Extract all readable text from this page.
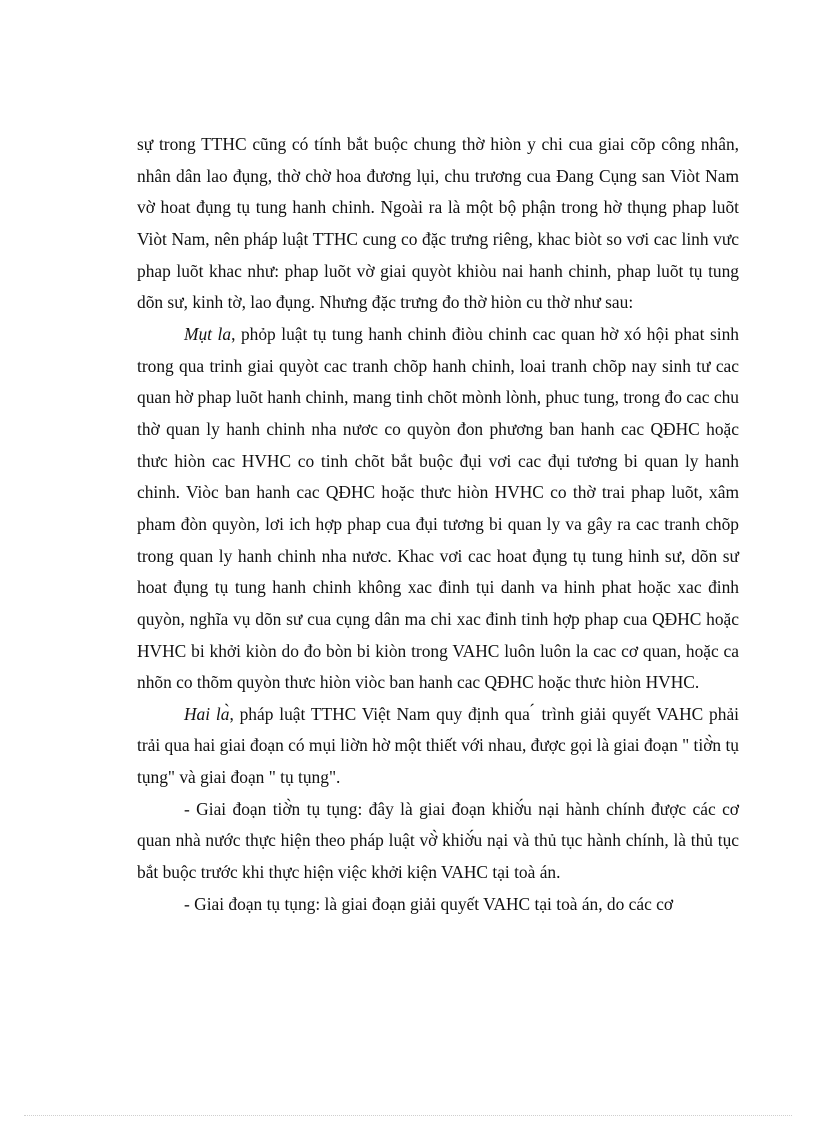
sự trong TTHC cũng có tính bắt buộc chung thờ hiòn y chi cua giai cõp công nhân, nhân dân lao đụng, thờ chờ hoa đương lụi, chu trương cua Đang Cụng san Viòt Nam vờ hoat đụng tụ tung hanh chinh. Ngoài ra là một bộ phận trong hờ thụng phap luõt Viòt Nam, nên pháp luật TTHC cung co đặc trưng riêng, khac biòt so vơi cac linh vưc phap luõt khac như: phap luõt vờ giai quyòt khiòu nai hanh chinh, phap luõt tụ tung dõn sư, kinh tờ, lao đụng. Nhưng đặc trưng đo thờ hiòn cu thờ như sau:

Mụt la, phỏp luật tụ tung hanh chinh điòu chinh cac quan hờ xó hội phat sinh trong qua trinh giai quyòt cac tranh chõp hanh chinh, loai tranh chõp nay sinh tư cac quan hờ phap luõt hanh chinh, mang tinh chõt mònh lònh, phuc tung, trong đo cac chu thờ quan ly hanh chinh nha nươc co quyòn đon phương ban hanh cac QĐHC hoặc thưc hiòn cac HVHC co tinh chõt bắt buộc đụi vơi cac đụi tương bi quan ly hanh chinh. Viòc ban hanh cac QĐHC hoặc thưc hiòn HVHC co thờ trai phap luõt, xâm pham đòn quyòn, lơi ich hợp phap cua đụi tương bi quan ly va gây ra cac tranh chõp trong quan ly hanh chinh nha nươc. Khac vơi cac hoat đụng tụ tung hinh sư, dõn sư hoat đụng tụ tung hanh chinh không xac đinh tụi danh va hinh phat hoặc xac đinh quyòn, nghĩa vụ dõn sư cua cụng dân ma chi xac đinh tinh hợp phap cua QĐHC hoặc HVHC bi khởi kiòn do đo bòn bi kiòn trong VAHC luôn luôn la cac cơ quan, hoặc ca nhõn co thõm quyòn thưc hiòn viòc ban hanh cac QĐHC hoặc thưc hiòn HVHC.

Hai là, pháp luật TTHC Việt Nam quy định qua ́ trình giải quyết VAHC phải trải qua hai giai đoạn có mụi liờn hờ một thiết với nhau, được gọi là giai đoạn " tiờ̀n tụ tụng" và giai đoạn " tụ tụng".

- Giai đoạn tiờ̀n tụ tụng: đây là giai đoạn khiờ́u nại hành chính được các cơ quan nhà nước thực hiện theo pháp luật vờ̀ khiờ́u nại và thủ tục hành chính, là thủ tục bắt buộc trước khi thực hiện việc khởi kiện VAHC tại toà án.

- Giai đoạn tụ tụng: là giai đoạn giải quyết VAHC tại toà án, do các cơ
